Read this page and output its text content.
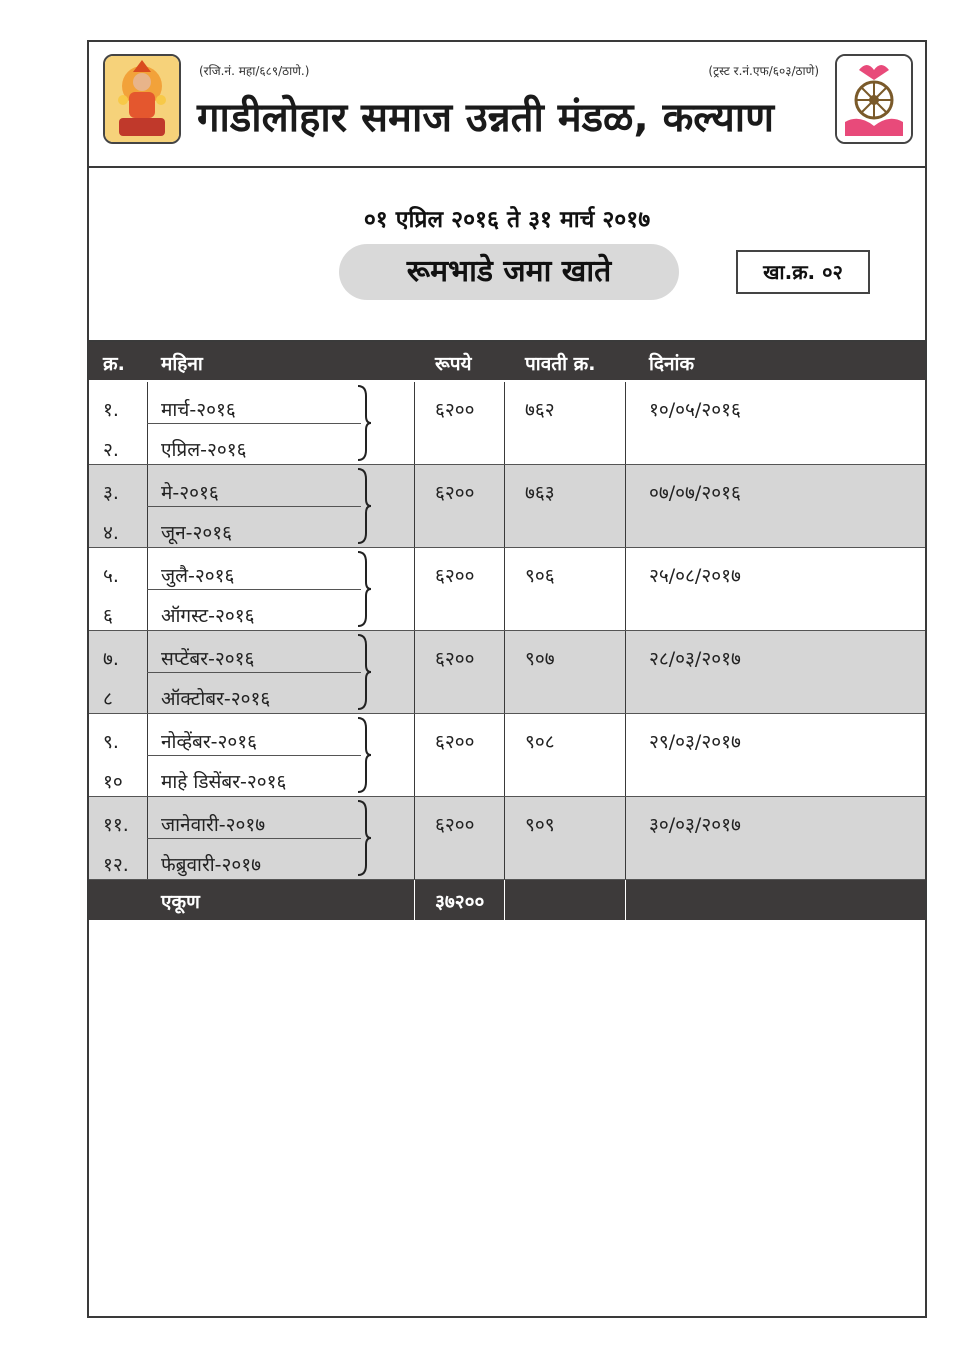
(रजि.नं. महा/६८९/ठाणे.)	(ट्रस्ट र.नं.एफ/६०३/ठाणे)
गाडीलोहार समाज उन्नती मंडळ, कल्याण
०१ एप्रिल २०१६ ते ३१ मार्च २०१७
रूमभाडे जमा खाते	खा.क्र. ०२
क्र. महिना	रूपये	पावती क्र.	दिनांक
१. मार्च-२०१६
२. एप्रिल-२०१६
६२००	७६२	१०/०५/२०१६
३. मे-२०१६
४. जून-२०१६
६२००	७६३	०७/०७/२०१६
५. जुलै-२०१६
६	ऑगस्ट-२०१६
६२००	९०६	२५/०८/२०१७
७. सप्टेंबर-२०१६
८	ऑक्टोबर-२०१६
६२००	९०७	२८/०३/२०१७
९. नोव्हेंबर-२०१६
१० माहे डिसेंबर-२०१६
६२००	९०८	२९/०३/२०१७
११. जानेवारी-२०१७
१२. फेब्रुवारी-२०१७
६२००	९०९	३०/०३/२०१७
एकूण	३७२००
